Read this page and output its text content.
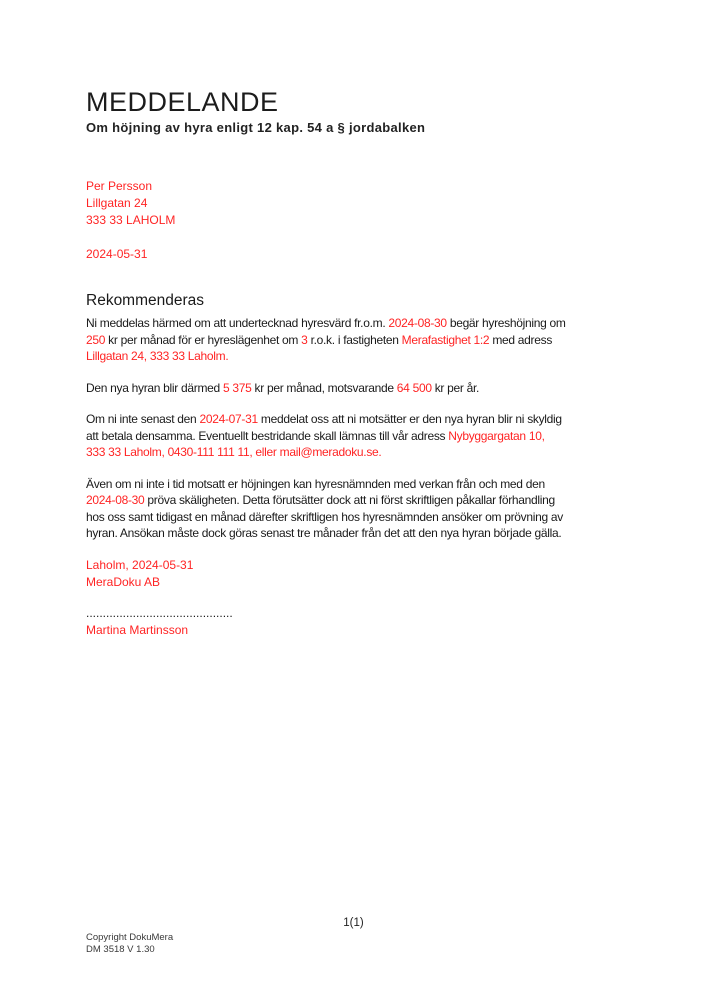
MEDDELANDE
Om höjning av hyra enligt 12 kap. 54 a § jordabalken
Per Persson
Lillgatan 24
333 33 LAHOLM
2024-05-31
Rekommenderas

Ni meddelas härmed om att undertecknad hyresvärd fr.o.m. 2024-08-30 begär hyreshöjning om
250 kr per månad för er hyreslägenhet om 3 r.o.k. i fastigheten Merafastighet 1:2 med adress
Lillgatan 24, 333 33 Laholm.

Den nya hyran blir därmed 5 375 kr per månad, motsvarande 64 500 kr per år.

Om ni inte senast den 2024-07-31 meddelat oss att ni motsätter er den nya hyran blir ni skyldig
att betala densamma. Eventuellt bestridande skall lämnas till vår adress Nybyggargatan 10,
333 33 Laholm, 0430-111 111 11, eller mail@meradoku.se.

Även om ni inte i tid motsatt er höjningen kan hyresnämnden med verkan från och med den
2024-08-30 pröva skäligheten. Detta förutsätter dock att ni först skriftligen påkallar förhandling
hos oss samt tidigast en månad därefter skriftligen hos hyresnämnden ansöker om prövning av
hyran. Ansökan måste dock göras senast tre månader från det att den nya hyran började gälla.

Laholm, 2024-05-31
MeraDoku AB
............................................
Martina Martinsson
1(1)
Copyright DokuMera
DM 3518 V 1.30
